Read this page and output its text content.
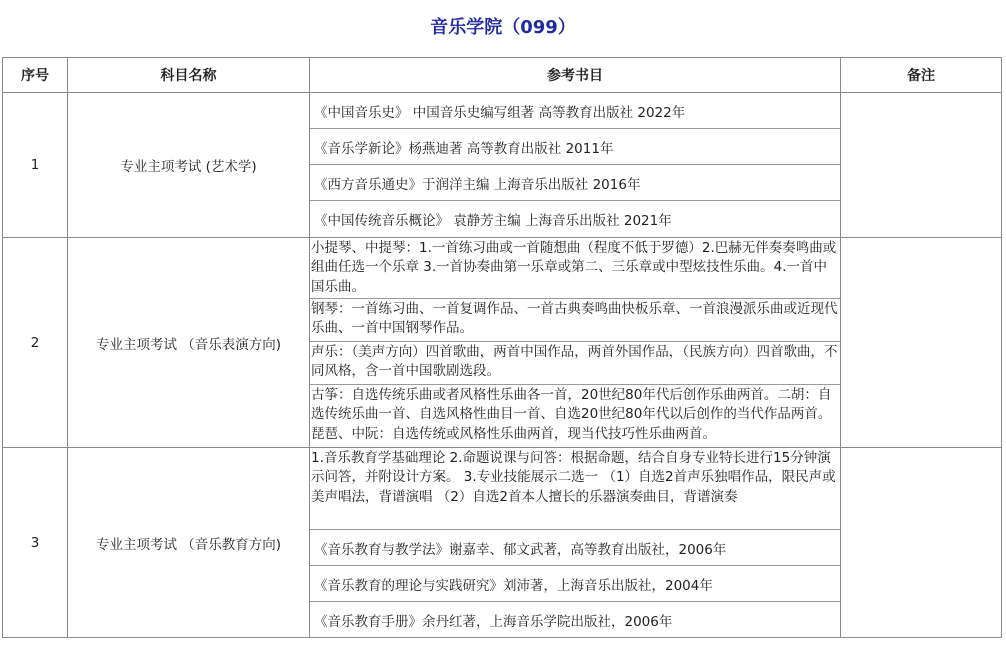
音乐学院（099）
序号	科目名称	参考书目	备注
1	专业主项考试 (艺术学)	《中国音乐史》 中国音乐史编写组著 高等教育出版社 2022年
《音乐学新论》杨燕迪著 高等教育出版社 2011年
《西方音乐通史》于润洋主编 上海音乐出版社 2016年
《中国传统音乐概论》 袁静芳主编 上海音乐出版社 2021年	

2	专业主项考试 （音乐表演方向)	小提琴、中提琴：1.一首练习曲或一首随想曲（程度不低于罗德）2.巴赫无伴奏奏鸣曲或组曲任选一个乐章 3.一首协奏曲第一乐章或第二、三乐章或中型炫技性乐曲。4.一首中国乐曲。
钢琴：一首练习曲、一首复调作品、一首古典奏鸣曲快板乐章、一首浪漫派乐曲或近现代乐曲、一首中国钢琴作品。
声乐：（美声方向）四首歌曲，两首中国作品，两首外国作品，（民族方向）四首歌曲，不同风格，含一首中国歌剧选段。
古筝：自选传统乐曲或者风格性乐曲各一首，20世纪80年代后创作乐曲两首。二胡：自选传统乐曲一首、自选风格性曲目一首、自选20世纪80年代以后创作的当代作品两首。琵琶、中阮：自选传统或风格性乐曲两首，现当代技巧性乐曲两首。	

3	专业主项考试 （音乐教育方向)	1.音乐教育学基础理论 2.命题说课与问答：根据命题，结合自身专业特长进行15分钟演示问答，并附设计方案。 3.专业技能展示二选一 （1）自选2首声乐独唱作品，限民声或美声唱法，背谱演唱 （2）自选2首本人擅长的乐器演奏曲目，背谱演奏
《音乐教育与教学法》谢嘉幸、郁文武著，高等教育出版社，2006年
《音乐教育的理论与实践研究》刘沛著，上海音乐出版社，2004年
《音乐教育手册》余丹红著，上海音乐学院出版社，2006年	
